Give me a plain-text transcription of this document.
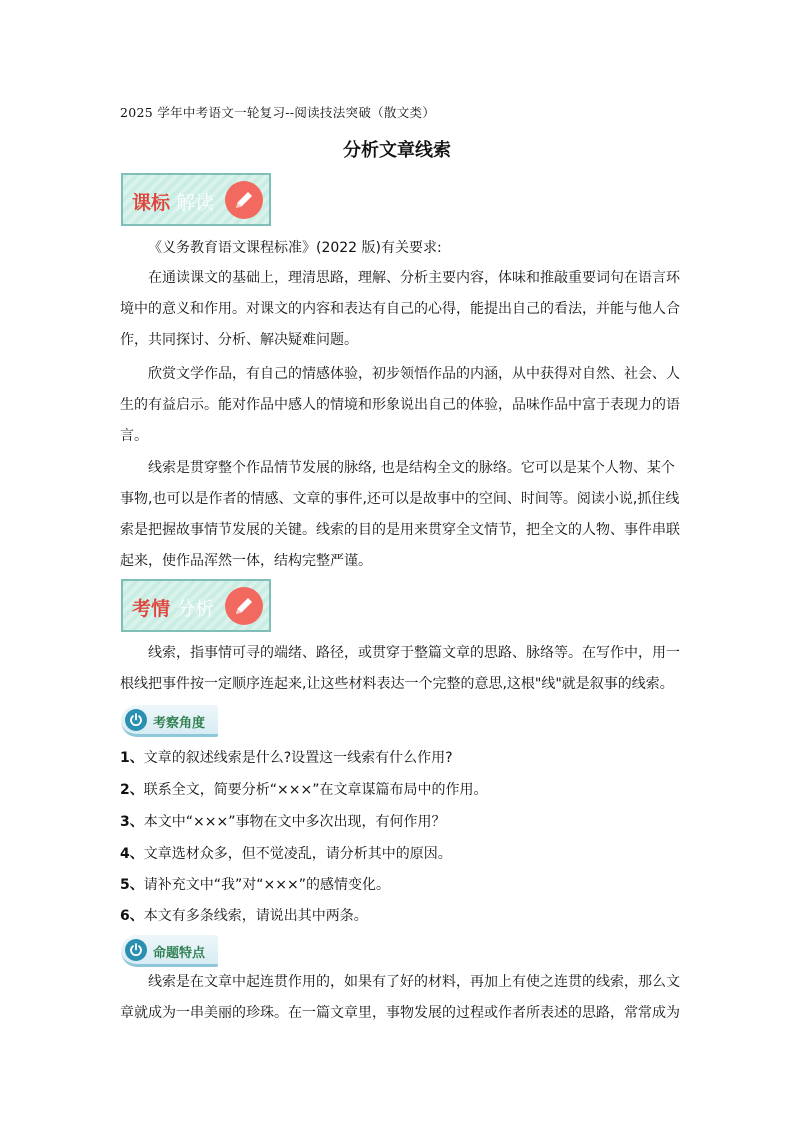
2025 学年中考语文一轮复习--阅读技法突破（散文类）
分析文章线索
课标 解读
《义务教育语文课程标准》(2022 版)有关要求:
在通读课文的基础上，理清思路，理解、分析主要内容，体味和推敲重要词句在语言环
境中的意义和作用。对课文的内容和表达有自己的心得，能提出自己的看法，并能与他人合
作，共同探讨、分析、解决疑难问题。
欣赏文学作品，有自己的情感体验，初步领悟作品的内涵，从中获得对自然、社会、人
生的有益启示。能对作品中感人的情境和形象说出自己的体验，品味作品中富于表现力的语
言。
线索是贯穿整个作品情节发展的脉络, 也是结构全文的脉络。它可以是某个人物、某个
事物,也可以是作者的情感、文章的事件,还可以是故事中的空间、时间等。阅读小说,抓住线
索是把握故事情节发展的关键。线索的目的是用来贯穿全文情节，把全文的人物、事件串联
起来，使作品浑然一体，结构完整严谨。
考情 分析
线索，指事情可寻的端绪、路径，或贯穿于整篇文章的思路、脉络等。在写作中，用一
根线把事件按一定顺序连起来,让这些材料表达一个完整的意思,这根"线"就是叙事的线索。
考察角度
1、文章的叙述线索是什么?设置这一线索有什么作用?
2、联系全文，简要分析“×××”在文章谋篇布局中的作用。
3、本文中“×××”事物在文中多次出现，有何作用？
4、文章选材众多，但不觉凌乱，请分析其中的原因。
5、请补充文中“我”对“×××”的感情变化。
6、本文有多条线索，请说出其中两条。
命题特点
线索是在文章中起连贯作用的，如果有了好的材料，再加上有使之连贯的线索，那么文
章就成为一串美丽的珍珠。在一篇文章里，事物发展的过程或作者所表述的思路，常常成为
